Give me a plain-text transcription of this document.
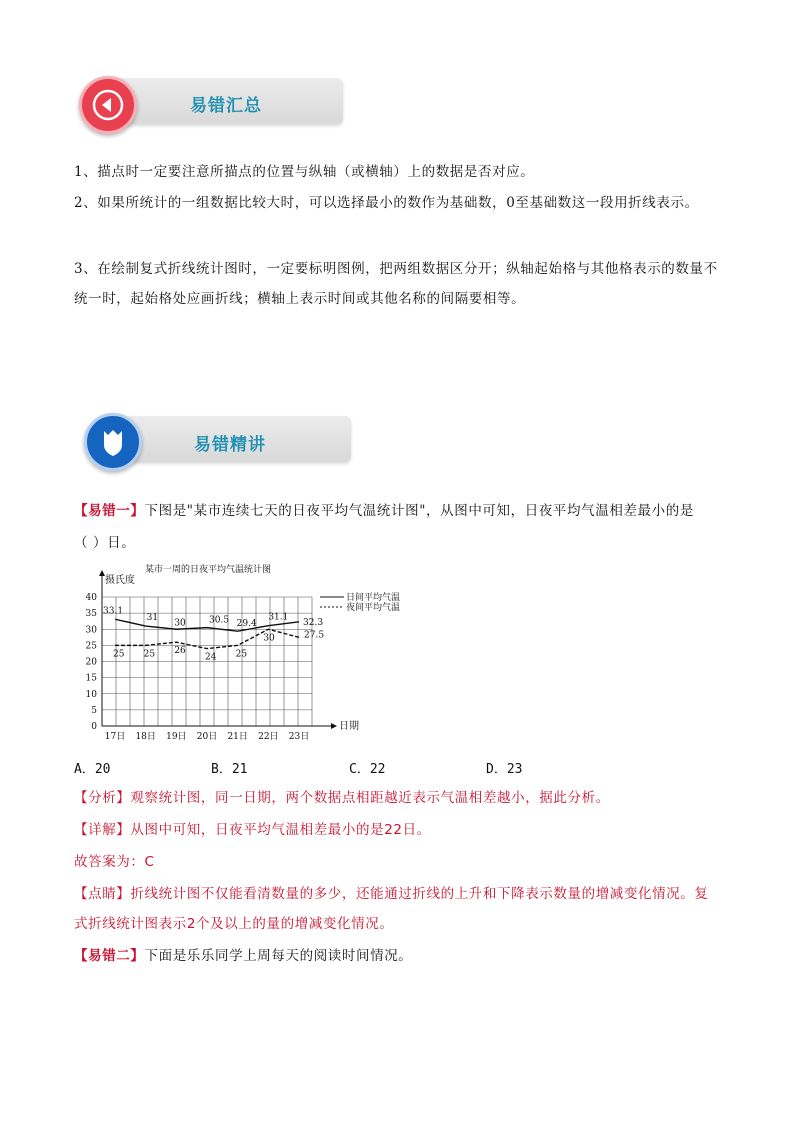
易错汇总
1、描点时一定要注意所描点的位置与纵轴（或横轴）上的数据是否对应。
2、如果所统计的一组数据比较大时，可以选择最小的数作为基础数，0至基础数这一段用折线表示。
3、在绘制复式折线统计图时，一定要标明图例，把两组数据区分开；纵轴起始格与其他格表示的数量不统一时，起始格处应画折线；横轴上表示时间或其他名称的间隔要相等。
易错精讲
【易错一】下图是"某市连续七天的日夜平均气温统计图"，从图中可知，日夜平均气温相差最小的是
（ ）日。
0
5
10
15
20
25
30
35
40
摄氏度
日期
某市一周的日夜平均气温统计图
17日 18日 19日 20日 21日 22日 23日
日间平均气温
夜间平均气温
33.1
31
30	30.5 29.4
31.1
32.3
25 25 26
24 25
30	27.5
A．20	B．21	C．22	D．23
【分析】观察统计图，同一日期，两个数据点相距越近表示气温相差越小，据此分析。
【详解】从图中可知，日夜平均气温相差最小的是22日。
故答案为：C
【点睛】折线统计图不仅能看清数量的多少，还能通过折线的上升和下降表示数量的增减变化情况。复式折线统计图表示2个及以上的量的增减变化情况。
【易错二】下面是乐乐同学上周每天的阅读时间情况。
